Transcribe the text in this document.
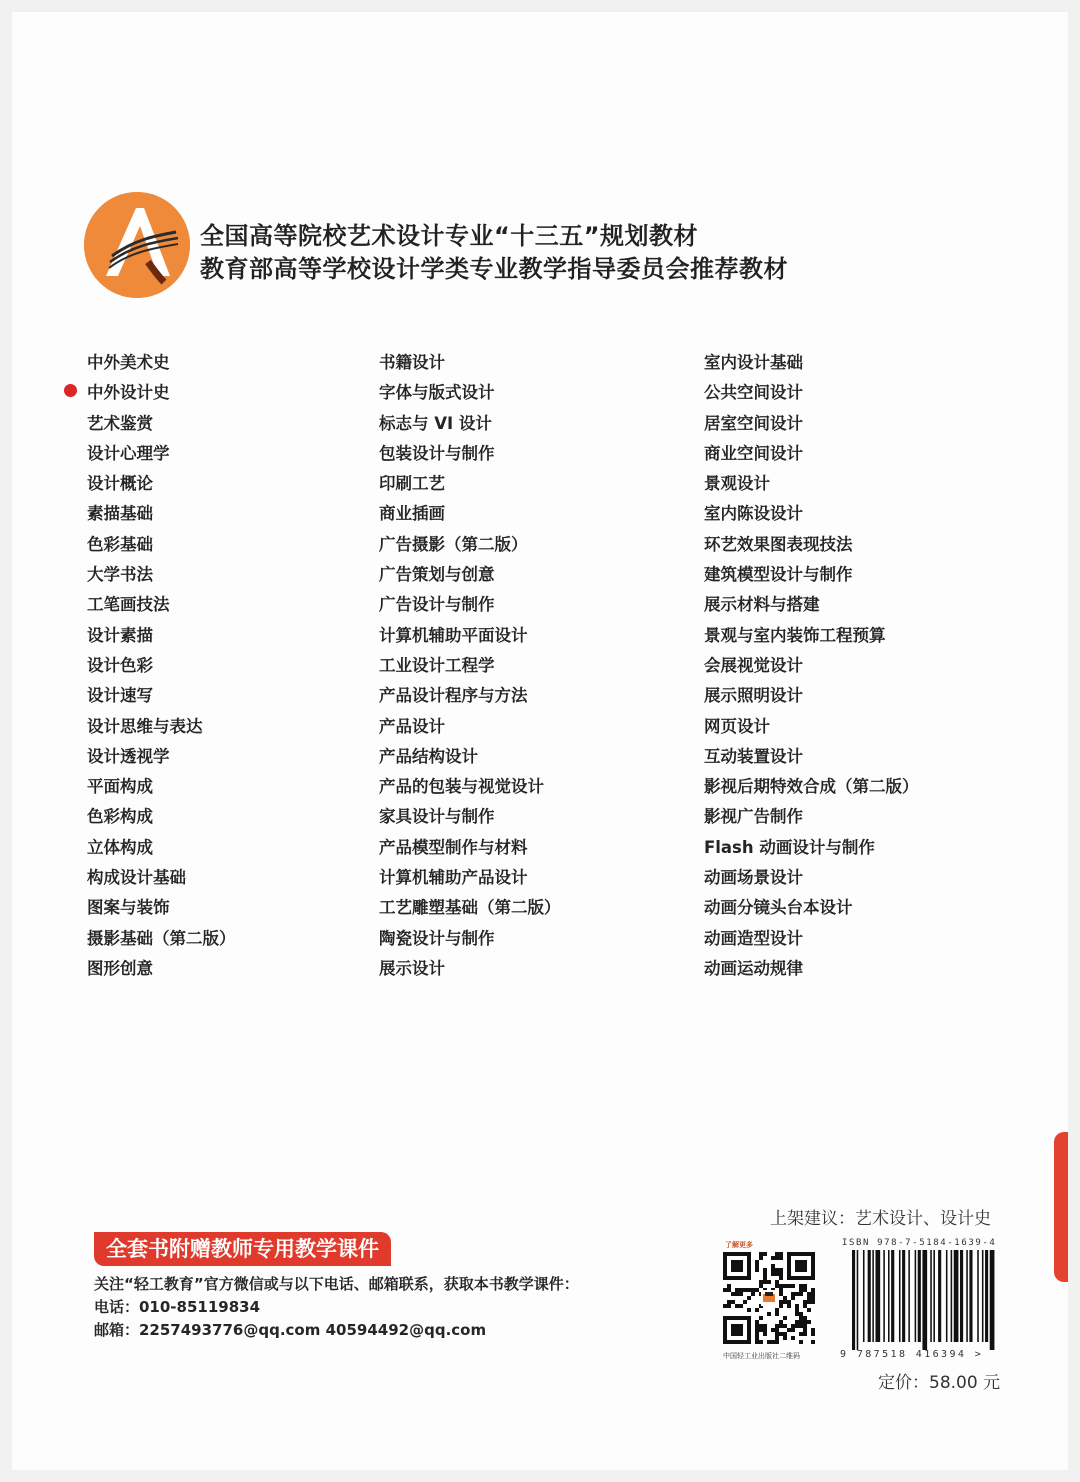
全国高等院校艺术设计专业“十三五”规划教材
教育部高等学校设计学类专业教学指导委员会推荐教材
中外美术史
中外设计史
艺术鉴赏
设计心理学
设计概论
素描基础
色彩基础
大学书法
工笔画技法
设计素描
设计色彩
设计速写
设计思维与表达
设计透视学
平面构成
色彩构成
立体构成
构成设计基础
图案与装饰
摄影基础（第二版）
图形创意
书籍设计
字体与版式设计
标志与 VI 设计
包装设计与制作
印刷工艺
商业插画
广告摄影（第二版）
广告策划与创意
广告设计与制作
计算机辅助平面设计
工业设计工程学
产品设计程序与方法
产品设计
产品结构设计
产品的包装与视觉设计
家具设计与制作
产品模型制作与材料
计算机辅助产品设计
工艺雕塑基础（第二版）
陶瓷设计与制作
展示设计
室内设计基础
公共空间设计
居室空间设计
商业空间设计
景观设计
室内陈设设计
环艺效果图表现技法
建筑模型设计与制作
展示材料与搭建
景观与室内装饰工程预算
会展视觉设计
展示照明设计
网页设计
互动装置设计
影视后期特效合成（第二版）
影视广告制作
Flash 动画设计与制作
动画场景设计
动画分镜头台本设计
动画造型设计
动画运动规律
上架建议：艺术设计、设计史
全套书附赠教师专用教学课件
关注“轻工教育”官方微信或与以下电话、邮箱联系，获取本书教学课件：
电话：010-85119834
邮箱：2257493776@qq.com 40594492@qq.com
了解更多
中国轻工业出版社二维码
ISBN 978-7-5184-1639-4
9 787518 416394 >
定价：58.00 元
